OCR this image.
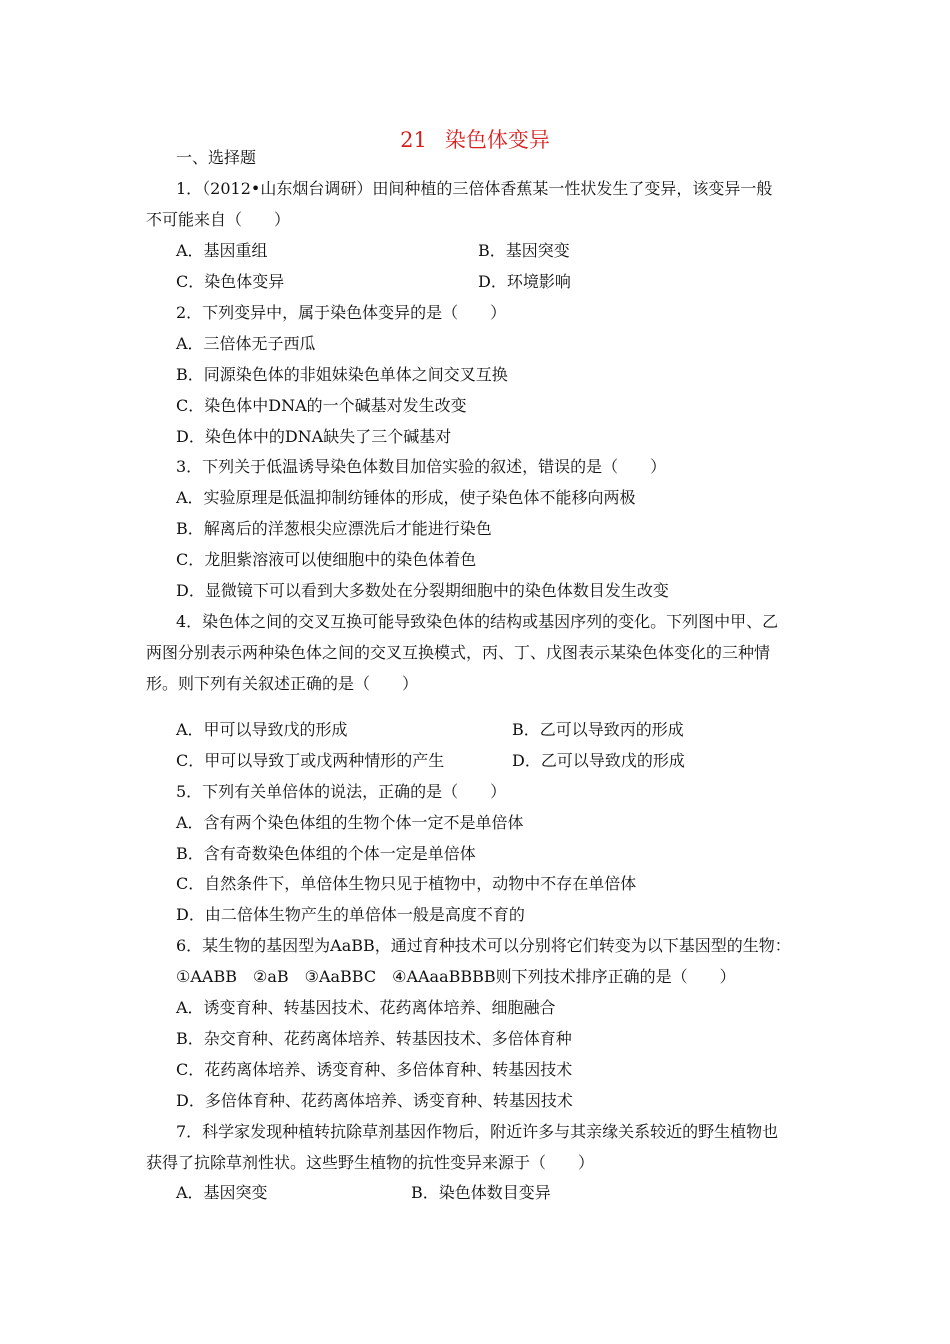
21 染色体变异
一、选择题
1．（2012•山东烟台调研）田间种植的三倍体香蕉某一性状发生了变异，该变异一般
不可能来自（　　）
A．基因重组	B．基因突变
C．染色体变异	D．环境影响
2．下列变异中，属于染色体变异的是（　　）
A．三倍体无子西瓜
B．同源染色体的非姐妹染色单体之间交叉互换
C．染色体中DNA的一个碱基对发生改变
D．染色体中的DNA缺失了三个碱基对
3．下列关于低温诱导染色体数目加倍实验的叙述，错误的是（　　）
A．实验原理是低温抑制纺锤体的形成，使子染色体不能移向两极
B．解离后的洋葱根尖应漂洗后才能进行染色
C．龙胆紫溶液可以使细胞中的染色体着色
D．显微镜下可以看到大多数处在分裂期细胞中的染色体数目发生改变
4．染色体之间的交叉互换可能导致染色体的结构或基因序列的变化。下列图中甲、乙
两图分别表示两种染色体之间的交叉互换模式，丙、丁、戊图表示某染色体变化的三种情
形。则下列有关叙述正确的是（　　）
A．甲可以导致戊的形成	B．乙可以导致丙的形成
C．甲可以导致丁或戊两种情形的产生	D．乙可以导致戊的形成
5．下列有关单倍体的说法，正确的是（　　）
A．含有两个染色体组的生物个体一定不是单倍体
B．含有奇数染色体组的个体一定是单倍体
C．自然条件下，单倍体生物只见于植物中，动物中不存在单倍体
D．由二倍体生物产生的单倍体一般是高度不育的
6．某生物的基因型为AaBB，通过育种技术可以分别将它们转变为以下基因型的生物：
①AABB　②aB　③AaBBC　④AAaaBBBB则下列技术排序正确的是（　　）
A．诱变育种、转基因技术、花药离体培养、细胞融合
B．杂交育种、花药离体培养、转基因技术、多倍体育种
C．花药离体培养、诱变育种、多倍体育种、转基因技术
D．多倍体育种、花药离体培养、诱变育种、转基因技术
7．科学家发现种植转抗除草剂基因作物后，附近许多与其亲缘关系较近的野生植物也
获得了抗除草剂性状。这些野生植物的抗性变异来源于（　　）
A．基因突变	B．染色体数目变异
